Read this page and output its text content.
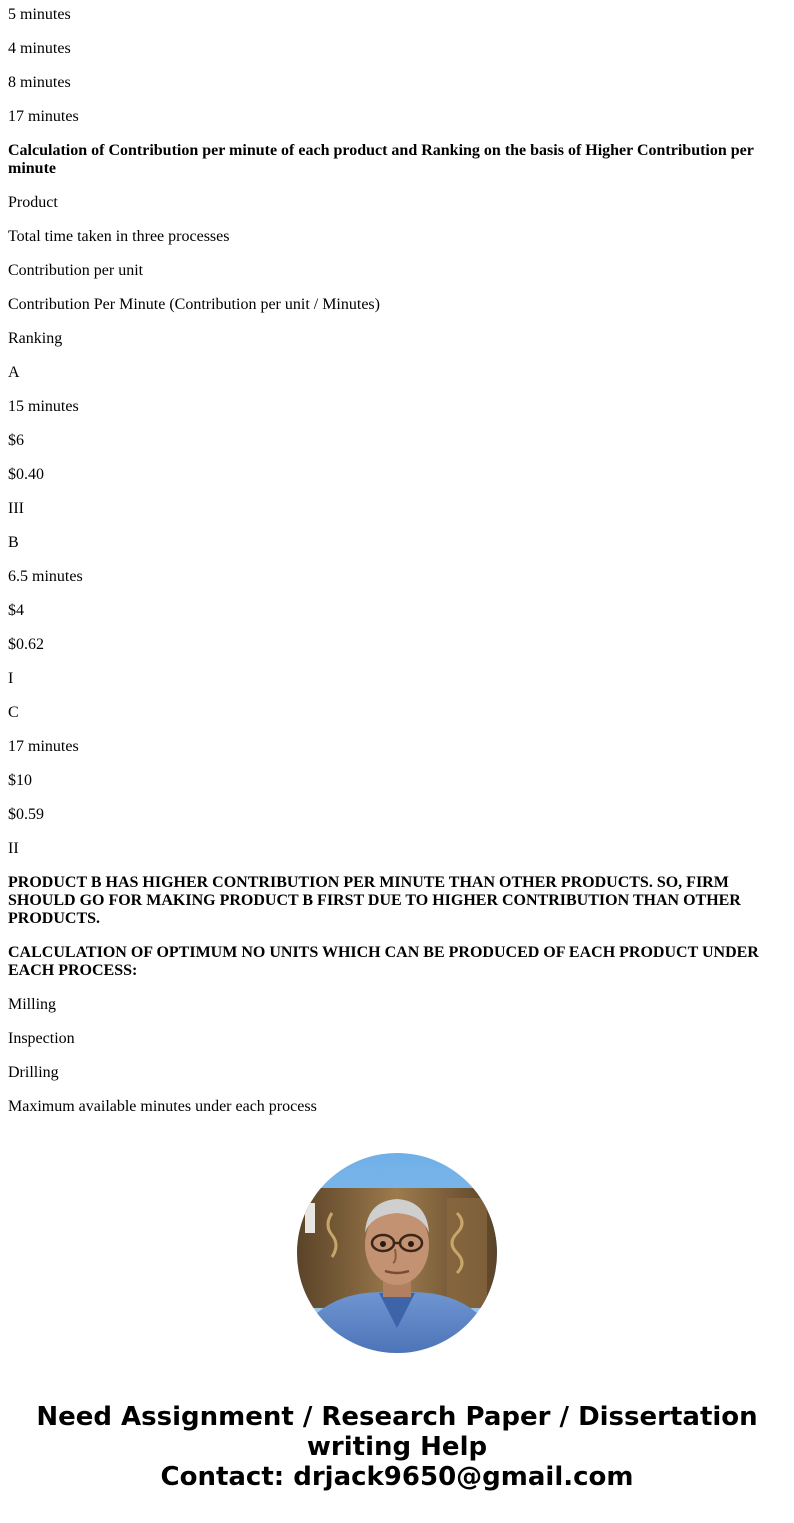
5 minutes

4 minutes

8 minutes

17 minutes

Calculation of Contribution per minute of each product and Ranking on the basis of Higher Contribution per minute

Product

Total time taken in three processes

Contribution per unit

Contribution Per Minute (Contribution per unit / Minutes)

Ranking

A

15 minutes

$6

$0.40

III

B

6.5 minutes

$4

$0.62

I

C

17 minutes

$10

$0.59

II

PRODUCT B HAS HIGHER CONTRIBUTION PER MINUTE THAN OTHER PRODUCTS. SO, FIRM SHOULD GO FOR MAKING PRODUCT B FIRST DUE TO HIGHER CONTRIBUTION THAN OTHER PRODUCTS.

CALCULATION OF OPTIMUM NO UNITS WHICH CAN BE PRODUCED OF EACH PRODUCT UNDER EACH PROCESS:

Milling

Inspection

Drilling

Maximum available minutes under each process

Need Assignment / Research Paper / Dissertation
writing Help
Contact: drjack9650@gmail.com
